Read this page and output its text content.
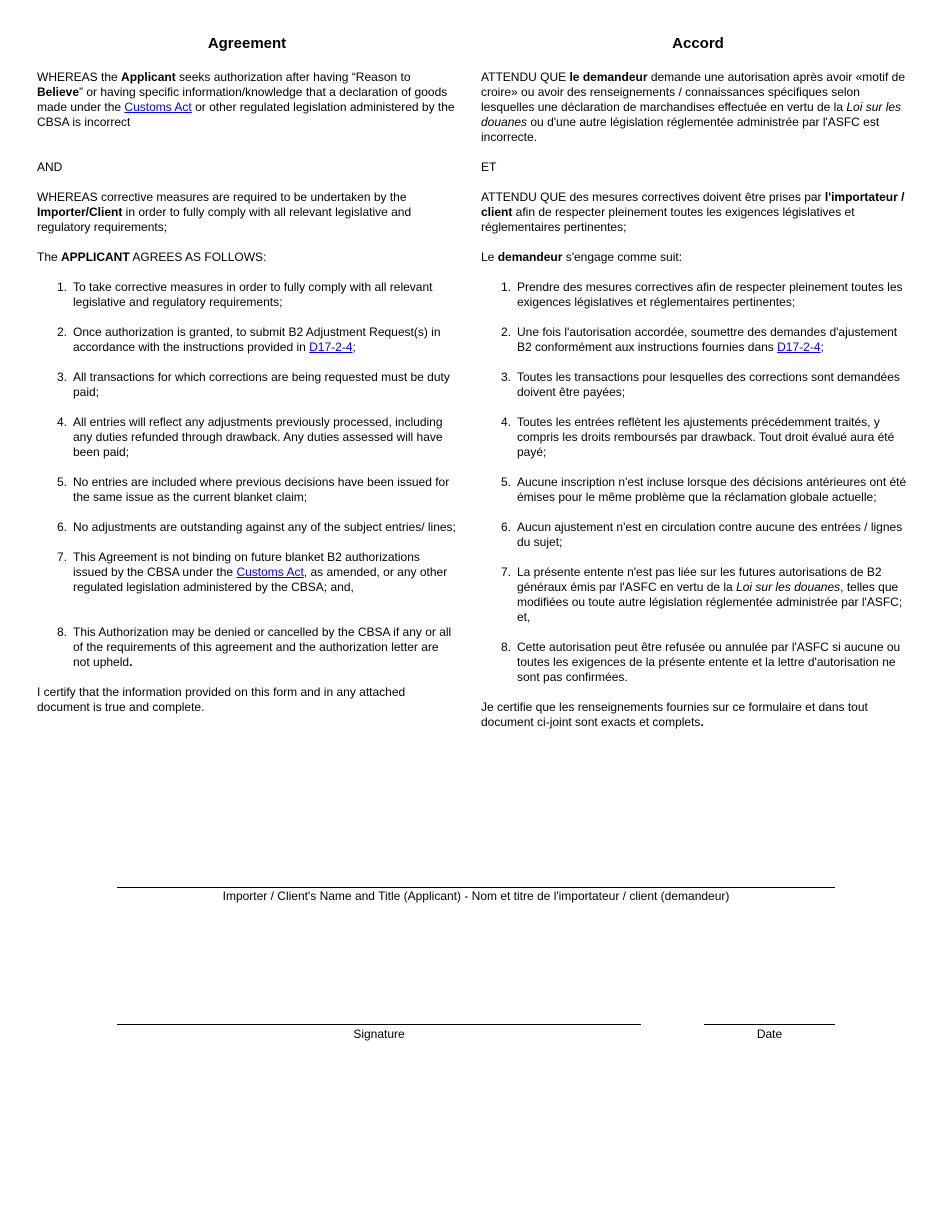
Agreement

WHEREAS the Applicant seeks authorization after having “Reason to Believe” or having specific information/knowledge that a declaration of goods made under the Customs Act or other regulated legislation administered by the CBSA is incorrect

AND

WHEREAS corrective measures are required to be undertaken by the Importer/Client in order to fully comply with all relevant legislative and regulatory requirements;

The APPLICANT AGREES AS FOLLOWS:

1. To take corrective measures in order to fully comply with all relevant legislative and regulatory requirements;
2. Once authorization is granted, to submit B2 Adjustment Request(s) in accordance with the instructions provided in D17-2-4;
3. All transactions for which corrections are being requested must be duty paid;
4. All entries will reflect any adjustments previously processed, including any duties refunded through drawback. Any duties assessed will have been paid;
5. No entries are included where previous decisions have been issued for the same issue as the current blanket claim;
6. No adjustments are outstanding against any of the subject entries/ lines;
7. This Agreement is not binding on future blanket B2 authorizations issued by the CBSA under the Customs Act, as amended, or any other regulated legislation administered by the CBSA; and,
8. This Authorization may be denied or cancelled by the CBSA if any or all of the requirements of this agreement and the authorization letter are not upheld.

I certify that the information provided on this form and in any attached document is true and complete.

Accord

ATTENDU QUE le demandeur demande une autorisation après avoir «motif de croire» ou avoir des renseignements / connaissances spécifiques selon lesquelles une déclaration de marchandises effectuée en vertu de la Loi sur les douanes ou d'une autre législation réglementée administrée par l'ASFC est incorrecte.

ET

ATTENDU QUE des mesures correctives doivent être prises par l'importateur / client afin de respecter pleinement toutes les exigences législatives et réglementaires pertinentes;

Le demandeur s'engage comme suit:

1. Prendre des mesures correctives afin de respecter pleinement toutes les exigences législatives et réglementaires pertinentes;
2. Une fois l'autorisation accordée, soumettre des demandes d'ajustement B2 conformément aux instructions fournies dans D17-2-4;
3. Toutes les transactions pour lesquelles des corrections sont demandées doivent être payées;
4. Toutes les entrées reflètent les ajustements précédemment traités, y compris les droits remboursés par drawback. Tout droit évalué aura été payé;
5. Aucune inscription n'est incluse lorsque des décisions antérieures ont été émises pour le même problème que la réclamation globale actuelle;
6. Aucun ajustement n'est en circulation contre aucune des entrées / lignes du sujet;
7. La présente entente n'est pas liée sur les futures autorisations de B2 généraux émis par l'ASFC en vertu de la Loi sur les douanes, telles que modifiées ou toute autre législation réglementée administrée par l'ASFC; et,
8. Cette autorisation peut être refusée ou annulée par l'ASFC si aucune ou toutes les exigences de la présente entente et la lettre d'autorisation ne sont pas confirmées.

Je certifie que les renseignements fournies sur ce formulaire et dans tout document ci-joint sont exacts et complets.

Importer / Client's Name and Title (Applicant) - Nom et titre de l'importateur / client (demandeur)
Signature	Date
